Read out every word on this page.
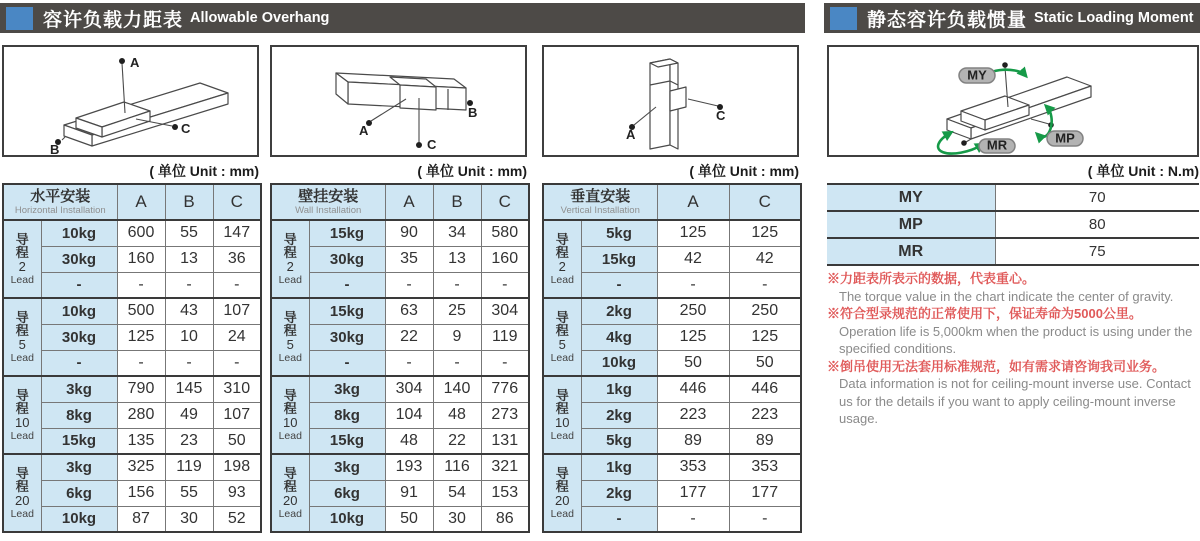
容许负载力距表 Allowable Overhang	静态容许负载惯量 Static Loading Moment
A
C
B
B
A
C
A
C
MY
MP
MR
( 单位 Unit : mm)	( 单位 Unit : mm)	( 单位 Unit : mm)	( 单位 Unit : N.m)
水平安装
Horizontal Installation		A	B	C

导
程
2
Lead	10kg	600	55	147
	30kg	160	13	36
	-	-	-	-

导
程
5
Lead	10kg	500	43	107
	30kg	125	10	24
	-	-	-	-

导
程
10
Lead	3kg	790	145	310
	8kg	280	49	107
	15kg	135	23	50

导
程
20
Lead	3kg	325	119	198
	6kg	156	55	93
	10kg	87	30	52
壁挂安装
Wall Installation		A	B	C

导
程
2
Lead	15kg	90	34	580
	30kg	35	13	160
	-	-	-	-

导
程
5
Lead	15kg	63	25	304
	30kg	22	9	119
	-	-	-	-

导
程
10
Lead	3kg	304	140	776
	8kg	104	48	273
	15kg	48	22	131

导
程
20
Lead	3kg	193	116	321
	6kg	91	54	153
	10kg	50	30	86
垂直安装
Vertical Installation		A	C

导
程
2
Lead	5kg	125	125
	15kg	42	42
	-	-	-

导
程
5
Lead	2kg	250	250
	4kg	125	125
	10kg	50	50

导
程
10
Lead	1kg	446	446
	2kg	223	223
	5kg	89	89

导
程
20
Lead	1kg	353	353
	2kg	177	177
	-	-	-
MY	70
MP	80
MR	75
※力距表所表示的数据，代表重心。
The torque value in the chart indicate the center of gravity.
※符合型录规范的正常使用下，保证寿命为5000公里。
Operation life is 5,000km when the product is using under the specified conditions.
※倒吊使用无法套用标准规范，如有需求请咨询我司业务。
Data information is not for ceiling-mount inverse use. Contact us for the details if you want to apply ceiling-mount inverse usage.
